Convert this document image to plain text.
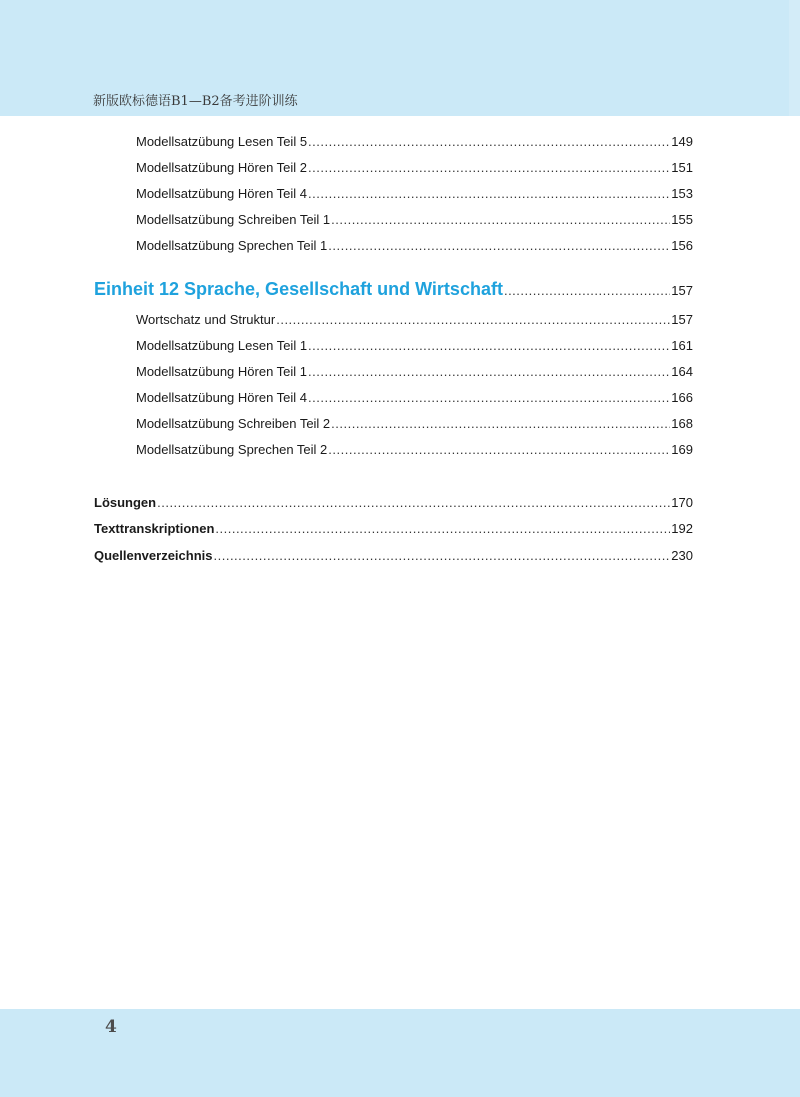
新版欧标德语B1—B2备考进阶训练
Modellsatzübung Lesen Teil 5 .....	149
Modellsatzübung Hören Teil 2 .....	151
Modellsatzübung Hören Teil 4 .....	153
Modellsatzübung Schreiben Teil 1 .....	155
Modellsatzübung Sprechen Teil 1 .....	156
Einheit 12 Sprache, Gesellschaft und Wirtschaft .....	157
Wortschatz und Struktur .....	157
Modellsatzübung Lesen Teil 1 .....	161
Modellsatzübung Hören Teil 1 .....	164
Modellsatzübung Hören Teil 4 .....	166
Modellsatzübung Schreiben Teil 2 .....	168
Modellsatzübung Sprechen Teil 2 .....	169
Lösungen .....	170
Texttranskriptionen .....	192
Quellenverzeichnis .....	230
4
